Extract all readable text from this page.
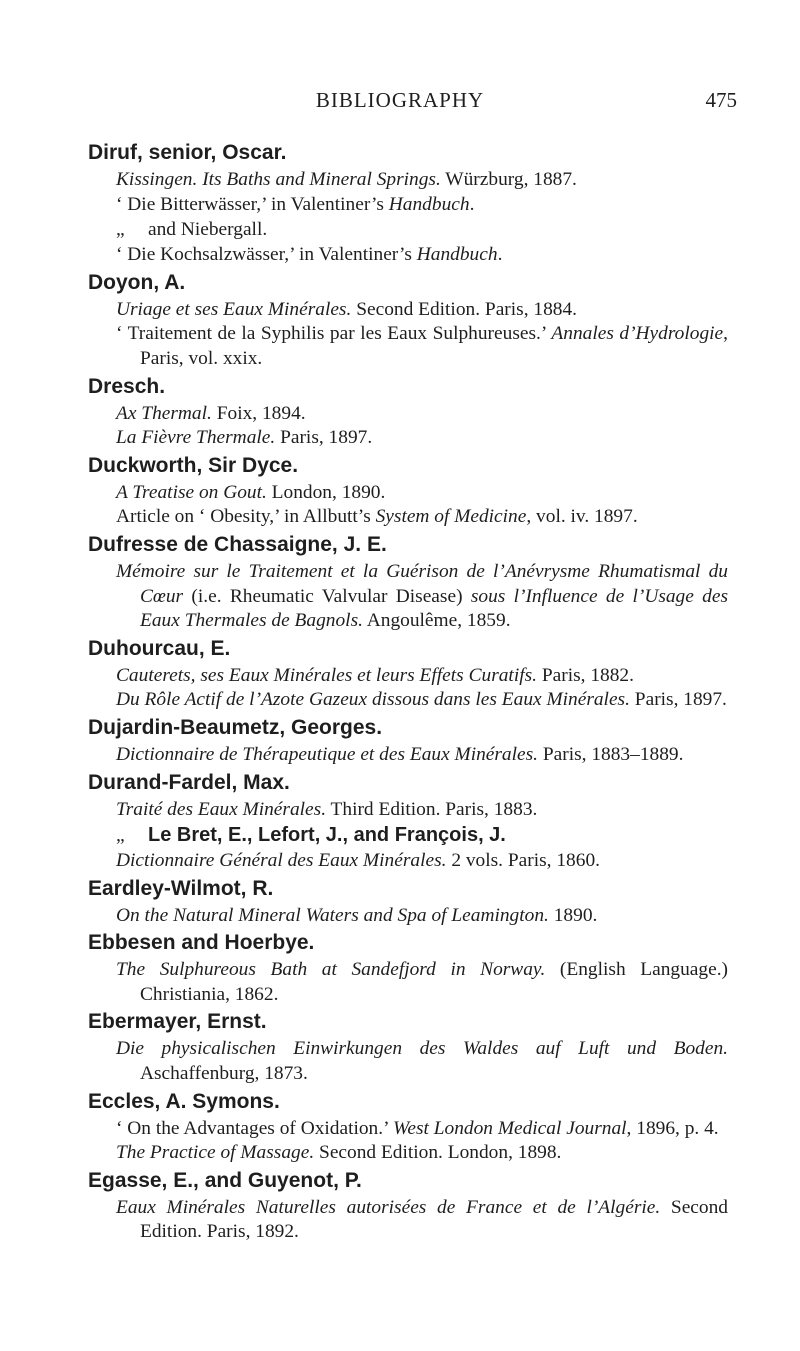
BIBLIOGRAPHY	475

Diruf, senior, Oscar.

Kissingen. Its Baths and Mineral Springs. Würzburg, 1887.

‘ Die Bitterwässer,’ in Valentiner’s Handbuch.

„ and Niebergall.

‘ Die Kochsalzwässer,’ in Valentiner’s Handbuch.

Doyon, A.

Uriage et ses Eaux Minérales. Second Edition. Paris, 1884.

‘ Traitement de la Syphilis par les Eaux Sulphureuses.’ Annales d’Hydrologie, Paris, vol. xxix.

Dresch.

Ax Thermal. Foix, 1894.

La Fièvre Thermale. Paris, 1897.

Duckworth, Sir Dyce.

A Treatise on Gout. London, 1890.

Article on ‘ Obesity,’ in Allbutt’s System of Medicine, vol. iv. 1897.

Dufresse de Chassaigne, J. E.

Mémoire sur le Traitement et la Guérison de l’Anévrysme Rhumatismal du Cœur (i.e. Rheumatic Valvular Disease) sous l’Influence de l’Usage des Eaux Thermales de Bagnols. Angoulême, 1859.

Duhourcau, E.

Cauterets, ses Eaux Minérales et leurs Effets Curatifs. Paris, 1882.

Du Rôle Actif de l’Azote Gazeux dissous dans les Eaux Minérales. Paris, 1897.

Dujardin-Beaumetz, Georges.

Dictionnaire de Thérapeutique et des Eaux Minérales. Paris, 1883–1889.

Durand-Fardel, Max.

Traité des Eaux Minérales. Third Edition. Paris, 1883.

„ Le Bret, E., Lefort, J., and François, J.

Dictionnaire Général des Eaux Minérales. 2 vols. Paris, 1860.

Eardley-Wilmot, R.

On the Natural Mineral Waters and Spa of Leamington. 1890.

Ebbesen and Hoerbye.

The Sulphureous Bath at Sandefjord in Norway. (English Language.) Christiania, 1862.

Ebermayer, Ernst.

Die physicalischen Einwirkungen des Waldes auf Luft und Boden. Aschaffenburg, 1873.

Eccles, A. Symons.

‘ On the Advantages of Oxidation.’ West London Medical Journal, 1896, p. 4.

The Practice of Massage. Second Edition. London, 1898.

Egasse, E., and Guyenot, P.

Eaux Minérales Naturelles autorisées de France et de l’Algérie. Second Edition. Paris, 1892.
